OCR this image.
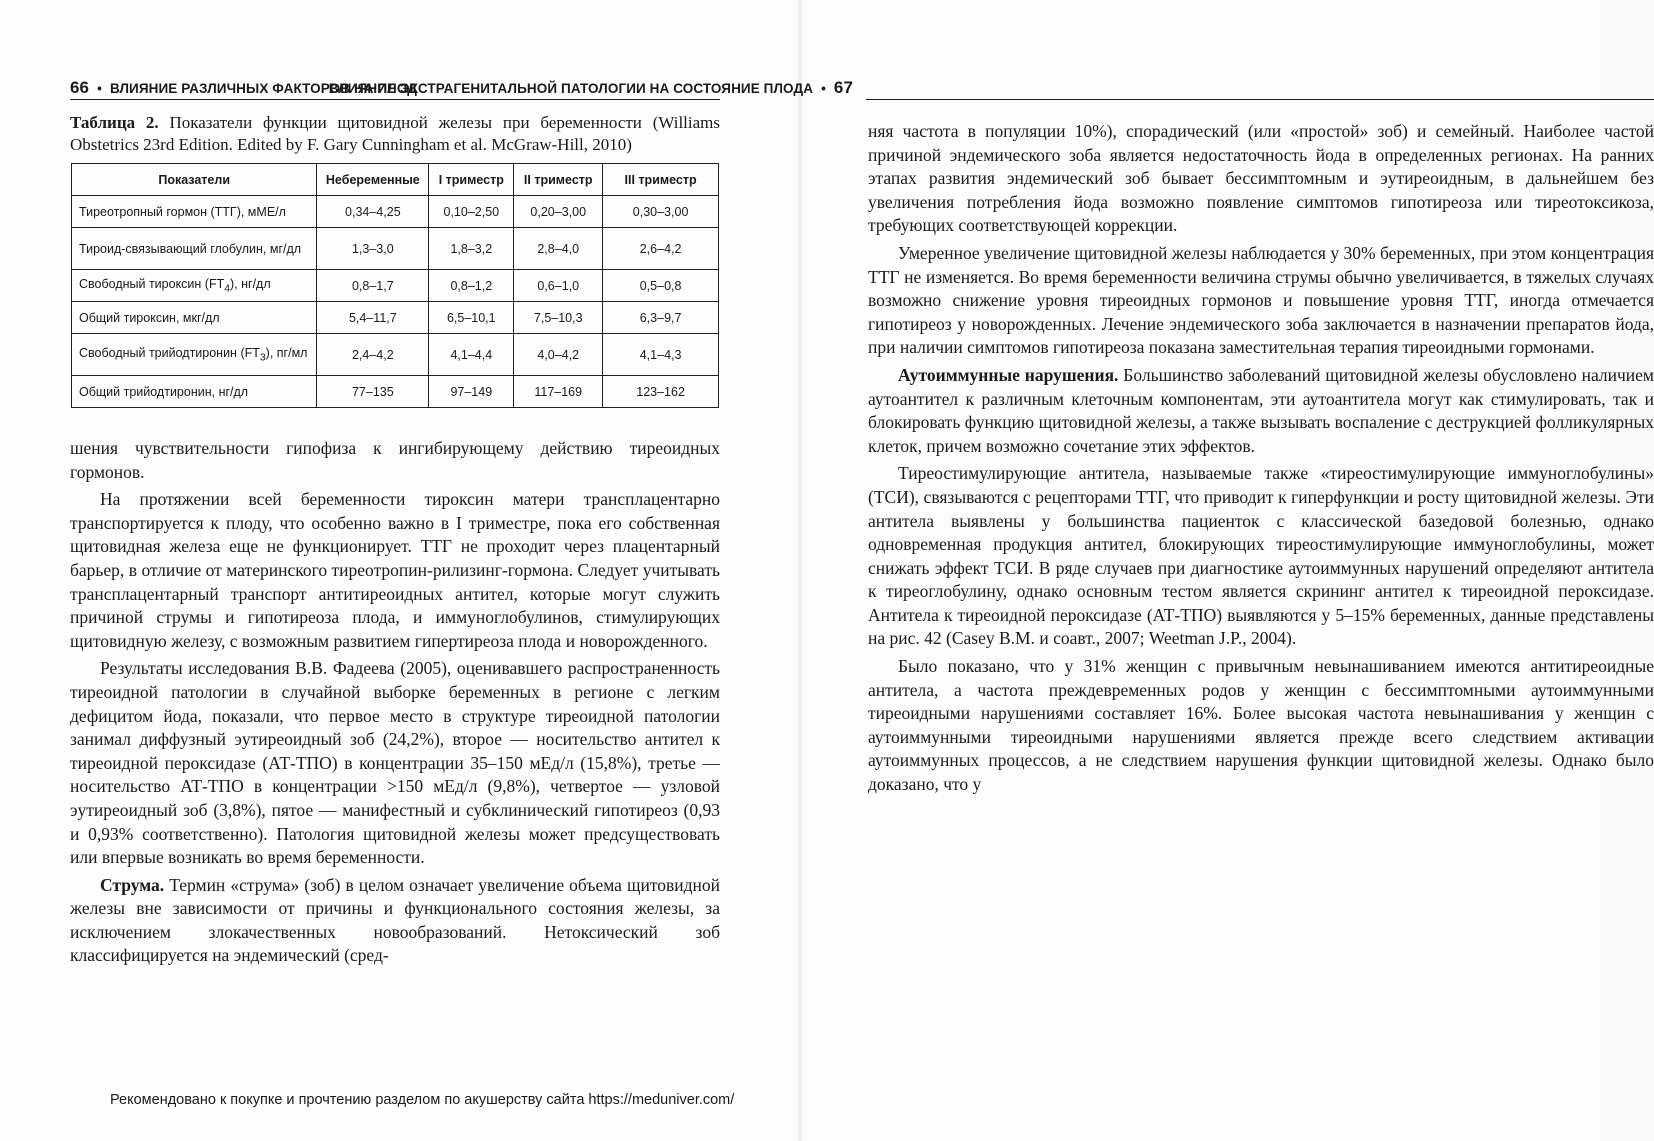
66 • ВЛИЯНИЕ РАЗЛИЧНЫХ ФАКТОРОВ НА ПЛОД
Таблица 2. Показатели функции щитовидной железы при беременности (Williams Obstetrics 23rd Edition. Edited by F. Gary Cunningham et al. McGraw-Hill, 2010)
Показатели	Небеременные	I триместр	II триместр	III триместр
Тиреотропный гормон (ТТГ), мМЕ/л	0,34–4,25	0,10–2,50	0,20–3,00	0,30–3,00
Тироид-связывающий глобулин, мг/дл	1,3–3,0	1,8–3,2	2,8–4,0	2,6–4,2
Свободный тироксин $(FT_4)$, нг/дл	0,8–1,7	0,8–1,2	0,6–1,0	0,5–0,8
Общий тироксин, мкг/дл	5,4–11,7	6,5–10,1	7,5–10,3	6,3–9,7
Свободный трийодтиронин $(FT_3)$, пг/мл	2,4–4,2	4,1–4,4	4,0–4,2	4,1–4,3
Общий трийодтиронин, нг/дл	77–135	97–149	117–169	123–162

шения чувствительности гипофиза к ингибирующему действию тиреоидных гормонов.

На протяжении всей беременности тироксин матери трансплацентарно транспортируется к плоду, что особенно важно в I триместре, пока его собственная щитовидная железа еще не функционирует. ТТГ не проходит через плацентарный барьер, в отличие от материнского тиреотропин-рилизинг-гормона. Следует учитывать трансплацентарный транспорт антитиреоидных антител, которые могут служить причиной струмы и гипотиреоза плода, и иммуноглобулинов, стимулирующих щитовидную железу, с возможным развитием гипертиреоза плода и новорожденного.

Результаты исследования В.В. Фадеева (2005), оценивавшего распространенность тиреоидной патологии в случайной выборке беременных в регионе с легким дефицитом йода, показали, что первое место в структуре тиреоидной патологии занимал диффузный эутиреоидный зоб (24,2%), второе — носительство антител к тиреоидной пероксидазе (АТ-ТПО) в концентрации 35–150 мЕд/л (15,8%), третье — носительство АТ-ТПО в концентрации >150 мЕд/л (9,8%), четвертое — узловой эутиреоидный зоб (3,8%), пятое — манифестный и субклинический гипотиреоз (0,93 и 0,93% соответственно). Патология щитовидной железы может предсуществовать или впервые возникать во время беременности.

Струма. Термин «струма» (зоб) в целом означает увеличение объема щитовидной железы вне зависимости от причины и функционального состояния железы, за исключением злокачественных новообразований. Нетоксический зоб классифицируется на эндемический (сред-

ВЛИЯНИЕ ЭКСТРАГЕНИТАЛЬНОЙ ПАТОЛОГИИ НА СОСТОЯНИЕ ПЛОДА • 67

няя частота в популяции 10%), спорадический (или «простой» зоб) и семейный. Наиболее частой причиной эндемического зоба является недостаточность йода в определенных регионах. На ранних этапах развития эндемический зоб бывает бессимптомным и эутиреоидным, в дальнейшем без увеличения потребления йода возможно появление симптомов гипотиреоза или тиреотоксикоза, требующих соответствующей коррекции.

Умеренное увеличение щитовидной железы наблюдается у 30% беременных, при этом концентрация ТТГ не изменяется. Во время беременности величина струмы обычно увеличивается, в тяжелых случаях возможно снижение уровня тиреоидных гормонов и повышение уровня ТТГ, иногда отмечается гипотиреоз у новорожденных. Лечение эндемического зоба заключается в назначении препаратов йода, при наличии симптомов гипотиреоза показана заместительная терапия тиреоидными гормонами.

Аутоиммунные нарушения. Большинство заболеваний щитовидной железы обусловлено наличием аутоантител к различным клеточным компонентам, эти аутоантитела могут как стимулировать, так и блокировать функцию щитовидной железы, а также вызывать воспаление с деструкцией фолликулярных клеток, причем возможно сочетание этих эффектов.

Тиреостимулирующие антитела, называемые также «тиреостимулирующие иммуноглобулины» (ТСИ), связываются с рецепторами ТТГ, что приводит к гиперфункции и росту щитовидной железы. Эти антитела выявлены у большинства пациенток с классической базедовой болезнью, однако одновременная продукция антител, блокирующих тиреостимулирующие иммуноглобулины, может снижать эффект ТСИ. В ряде случаев при диагностике аутоиммунных нарушений определяют антитела к тиреоглобулину, однако основным тестом является скрининг антител к тиреоидной пероксидазе. Антитела к тиреоидной пероксидазе (АТ-ТПО) выявляются у 5–15% беременных, данные представлены на рис. 42 (Casey B.M. и соавт., 2007; Weetman J.P., 2004).

Было показано, что у 31% женщин с привычным невынашиванием имеются антитиреоидные антитела, а частота преждевременных родов у женщин с бессимптомными аутоиммунными тиреоидными нарушениями составляет 16%. Более высокая частота невынашивания у женщин с аутоиммунными тиреоидными нарушениями является прежде всего следствием активации аутоиммунных процессов, а не следствием нарушения функции щитовидной железы. Однако было доказано, что у

Рекомендовано к покупке и прочтению разделом по акушерству сайта https://meduniver.com/
